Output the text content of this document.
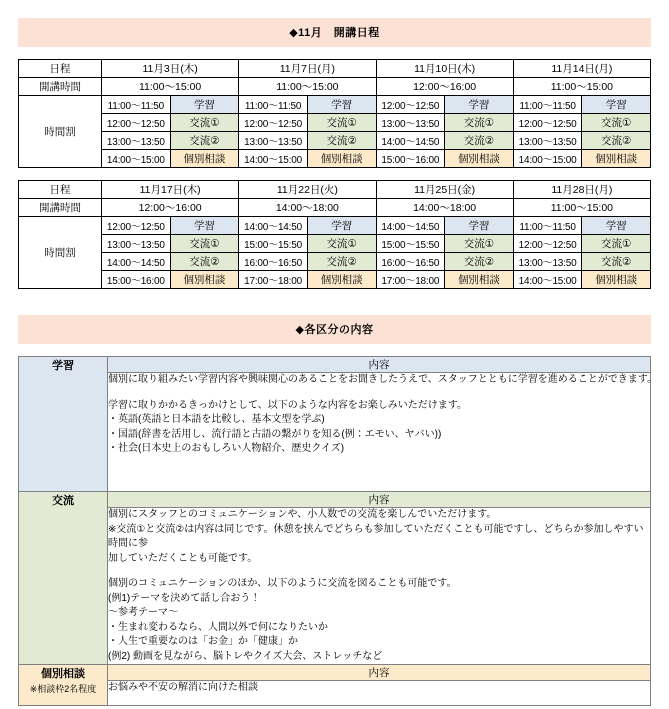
◆11月　開講日程
日程	11月3日(木)		11月7日(月)		11月10日(木)		11月14日(月)	
開講時間	11:00〜15:00		11:00〜15:00		12:00〜16:00		11:00〜15:00	
時間割	11:00〜11:50	学習	11:00〜11:50	学習	12:00〜12:50	学習	11:00〜11:50	学習
	12:00〜12:50	交流①	12:00〜12:50	交流①	13:00〜13:50	交流①	12:00〜12:50	交流①
	13:00〜13:50	交流②	13:00〜13:50	交流②	14:00〜14:50	交流②	13:00〜13:50	交流②
	14:00〜15:00	個別相談	14:00〜15:00	個別相談	15:00〜16:00	個別相談	14:00〜15:00	個別相談
日程	11月17日(木)		11月22日(火)		11月25日(金)		11月28日(月)	
開講時間	12:00〜16:00		14:00〜18:00		14:00〜18:00		11:00〜15:00	
時間割	12:00〜12:50	学習	14:00〜14:50	学習	14:00〜14:50	学習	11:00〜11:50	学習
	13:00〜13:50	交流①	15:00〜15:50	交流①	15:00〜15:50	交流①	12:00〜12:50	交流①
	14:00〜14:50	交流②	16:00〜16:50	交流②	16:00〜16:50	交流②	13:00〜13:50	交流②
	15:00〜16:00	個別相談	17:00〜18:00	個別相談	17:00〜18:00	個別相談	14:00〜15:00	個別相談
◆各区分の内容
学習	内容

	個別に取り組みたい学習内容や興味関心のあることをお聞きしたうえで、スタッフとともに学習を進めることができます。

学習に取りかかるきっかけとして、以下のような内容をお楽しみいただけます。

・英語(英語と日本語を比較し、基本文型を学ぶ)

・国語(辞書を活用し、流行語と古語の繋がりを知る(例：エモい、ヤバい))

・社会(日本史上のおもしろい人物紹介、歴史クイズ)

交流	内容

個別にスタッフとのコミュニケーションや、小人数での交流を楽しんでいただけます。

※交流①と交流②は内容は同じです。休憩を挟んでどちらも参加していただくことも可能ですし、どちらか参加しやすい時間に参

加していただくことも可能です。

個別のコミュニケーションのほか、以下のように交流を図ることも可能です。

(例1)テーマを決めて話し合おう！

〜参考テーマ〜

・生まれ変わるなら、人間以外で何になりたいか

・人生で重要なのは「お金」か「健康」か

(例2) 動画を見ながら、脳トレやクイズ大会、ストレッチなど

個別相談
※相談枠2名程度	内容

	お悩みや不安の解消に向けた相談
